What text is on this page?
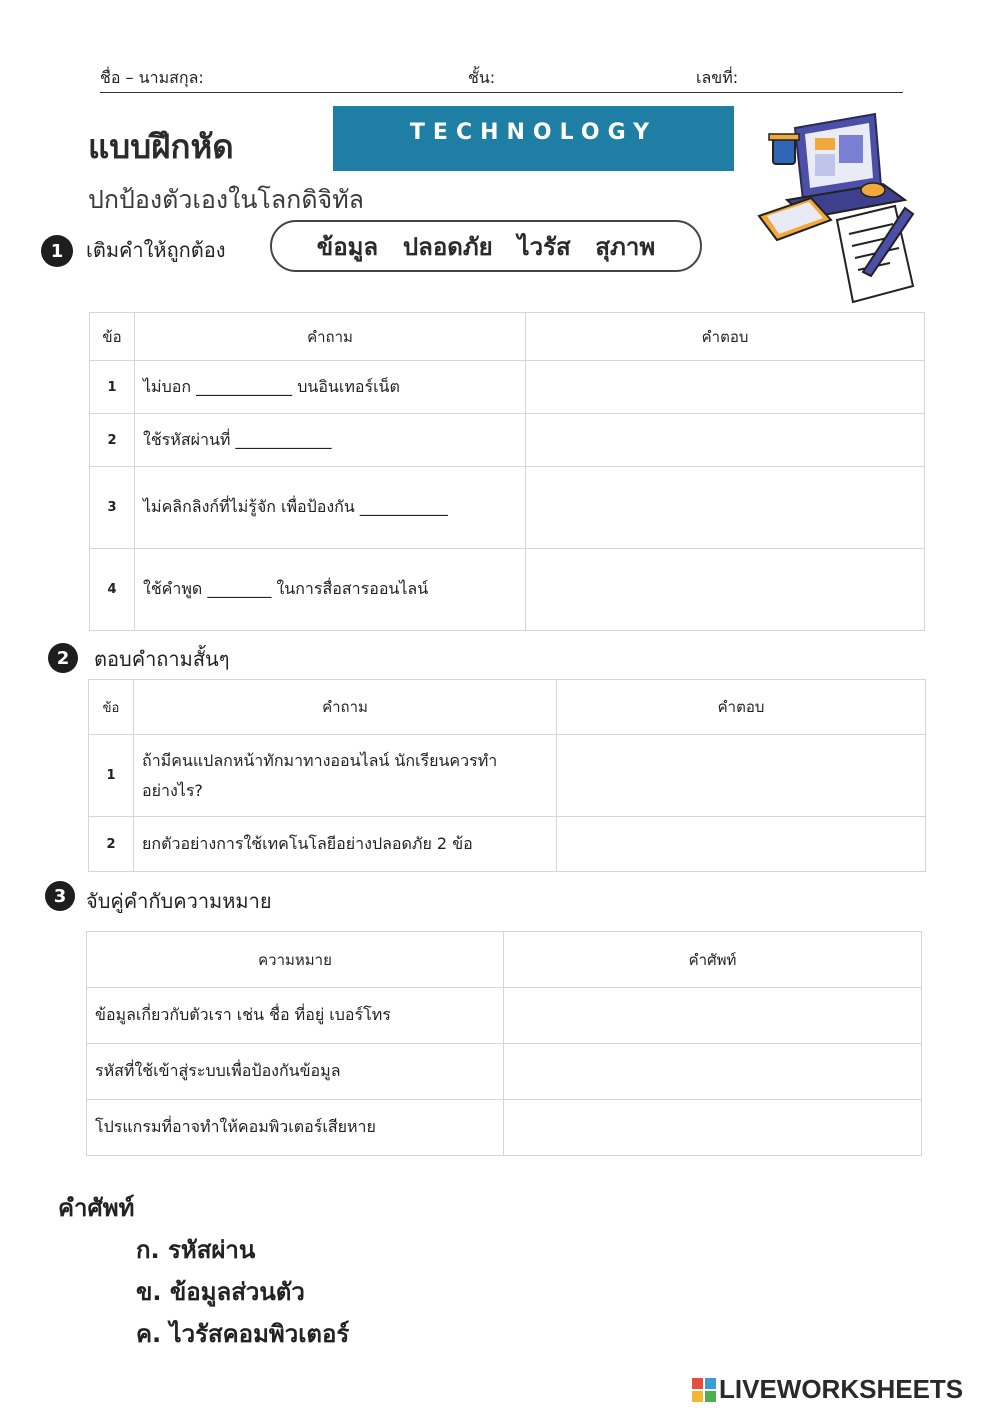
ชื่อ – นามสกุล:	ชั้น:	เลขที่:
แบบฝึกหัด	TECHNOLOGY
ปกป้องตัวเองในโลกดิจิทัล
1	เติมคำให้ถูกต้อง	ข้อมูล ปลอดภัย ไวรัส สุภาพ
ข้อ	คำถาม	คำตอบ
1	ไม่บอก ____________ บนอินเทอร์เน็ต	
2	ใช้รหัสผ่านที่ ____________	
3	ไม่คลิกลิงก์ที่ไม่รู้จัก เพื่อป้องกัน ___________	
4	ใช้คำพูด ________ ในการสื่อสารออนไลน์	
2	ตอบคำถามสั้นๆ
ข้อ	คำถาม	คำตอบ
1	ถ้ามีคนแปลกหน้าทักมาทางออนไลน์ นักเรียนควรทำอย่างไร?	
2	ยกตัวอย่างการใช้เทคโนโลยีอย่างปลอดภัย 2 ข้อ	
3 จับคู่คำกับความหมาย
ความหมาย	คำศัพท์
ข้อมูลเกี่ยวกับตัวเรา เช่น ชื่อ ที่อยู่ เบอร์โทร	
รหัสที่ใช้เข้าสู่ระบบเพื่อป้องกันข้อมูล	
โปรแกรมที่อาจทำให้คอมพิวเตอร์เสียหาย	
คำศัพท์
ก. รหัสผ่าน
ข. ข้อมูลส่วนตัว
ค. ไวรัสคอมพิวเตอร์
LIVEWORKSHEETS
